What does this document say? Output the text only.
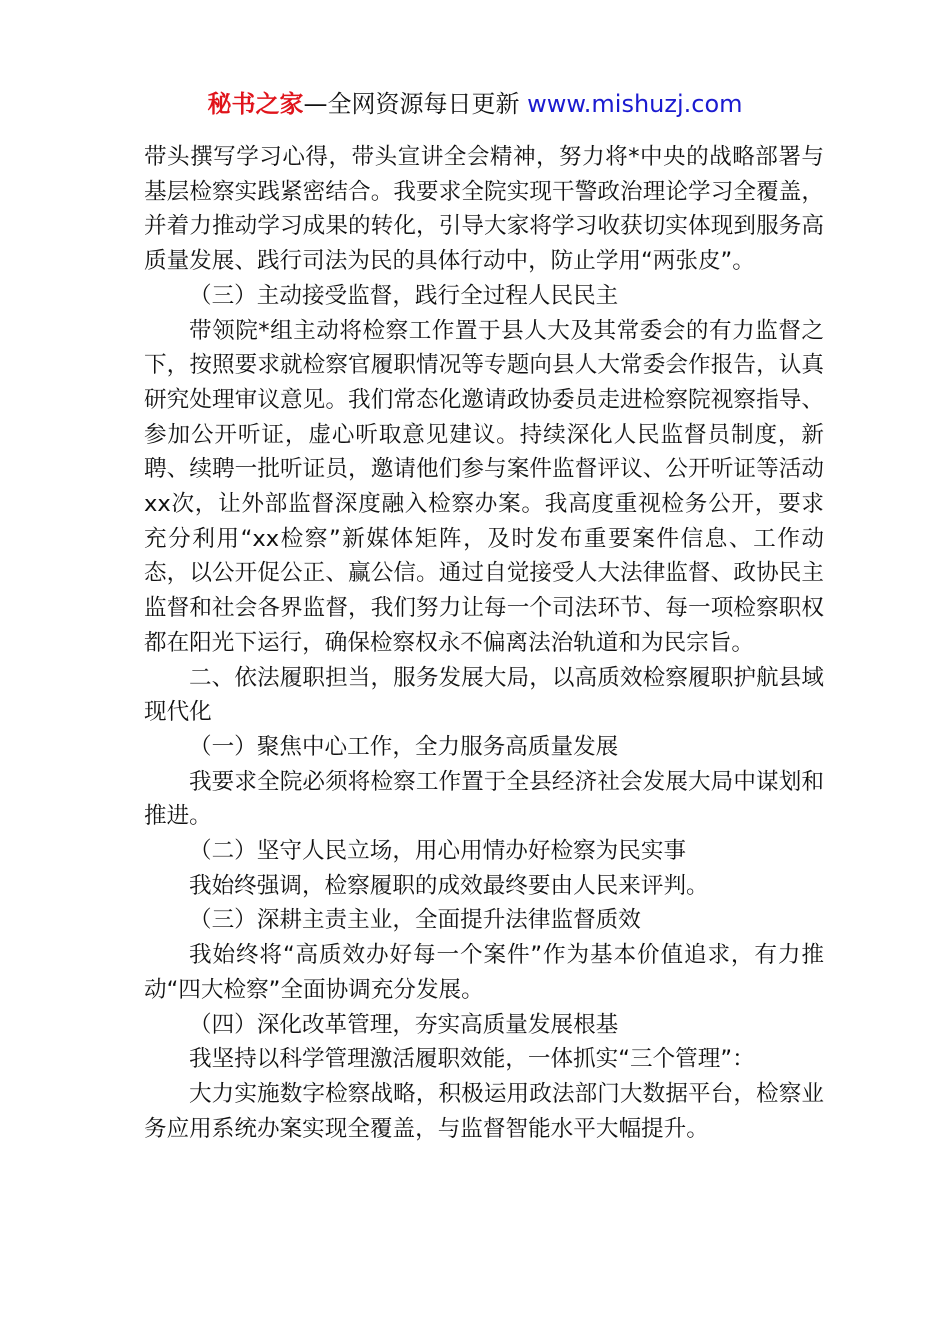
秘书之家—全网资源每日更新 www.mishuzj.com

带头撰写学习心得，带头宣讲全会精神，努力将*中央的战略部署与基层检察实践紧密结合。我要求全院实现干警政治理论学习全覆盖，并着力推动学习成果的转化，引导大家将学习收获切实体现到服务高质量发展、践行司法为民的具体行动中，防止学用“两张皮”。

（三）主动接受监督，践行全过程人民民主

带领院*组主动将检察工作置于县人大及其常委会的有力监督之下，按照要求就检察官履职情况等专题向县人大常委会作报告，认真研究处理审议意见。我们常态化邀请政协委员走进检察院视察指导、参加公开听证，虚心听取意见建议。持续深化人民监督员制度，新聘、续聘一批听证员，邀请他们参与案件监督评议、公开听证等活动xx次，让外部监督深度融入检察办案。我高度重视检务公开，要求充分利用“xx检察”新媒体矩阵，及时发布重要案件信息、工作动态，以公开促公正、赢公信。通过自觉接受人大法律监督、政协民主监督和社会各界监督，我们努力让每一个司法环节、每一项检察职权都在阳光下运行，确保检察权永不偏离法治轨道和为民宗旨。

二、依法履职担当，服务发展大局，以高质效检察履职护航县域现代化

（一）聚焦中心工作，全力服务高质量发展

我要求全院必须将检察工作置于全县经济社会发展大局中谋划和推进。

（二）坚守人民立场，用心用情办好检察为民实事

我始终强调，检察履职的成效最终要由人民来评判。

（三）深耕主责主业，全面提升法律监督质效

我始终将“高质效办好每一个案件”作为基本价值追求，有力推动“四大检察”全面协调充分发展。

（四）深化改革管理，夯实高质量发展根基

我坚持以科学管理激活履职效能，一体抓实“三个管理”：

大力实施数字检察战略，积极运用政法部门大数据平台，检察业务应用系统办案实现全覆盖，与监督智能水平大幅提升。
